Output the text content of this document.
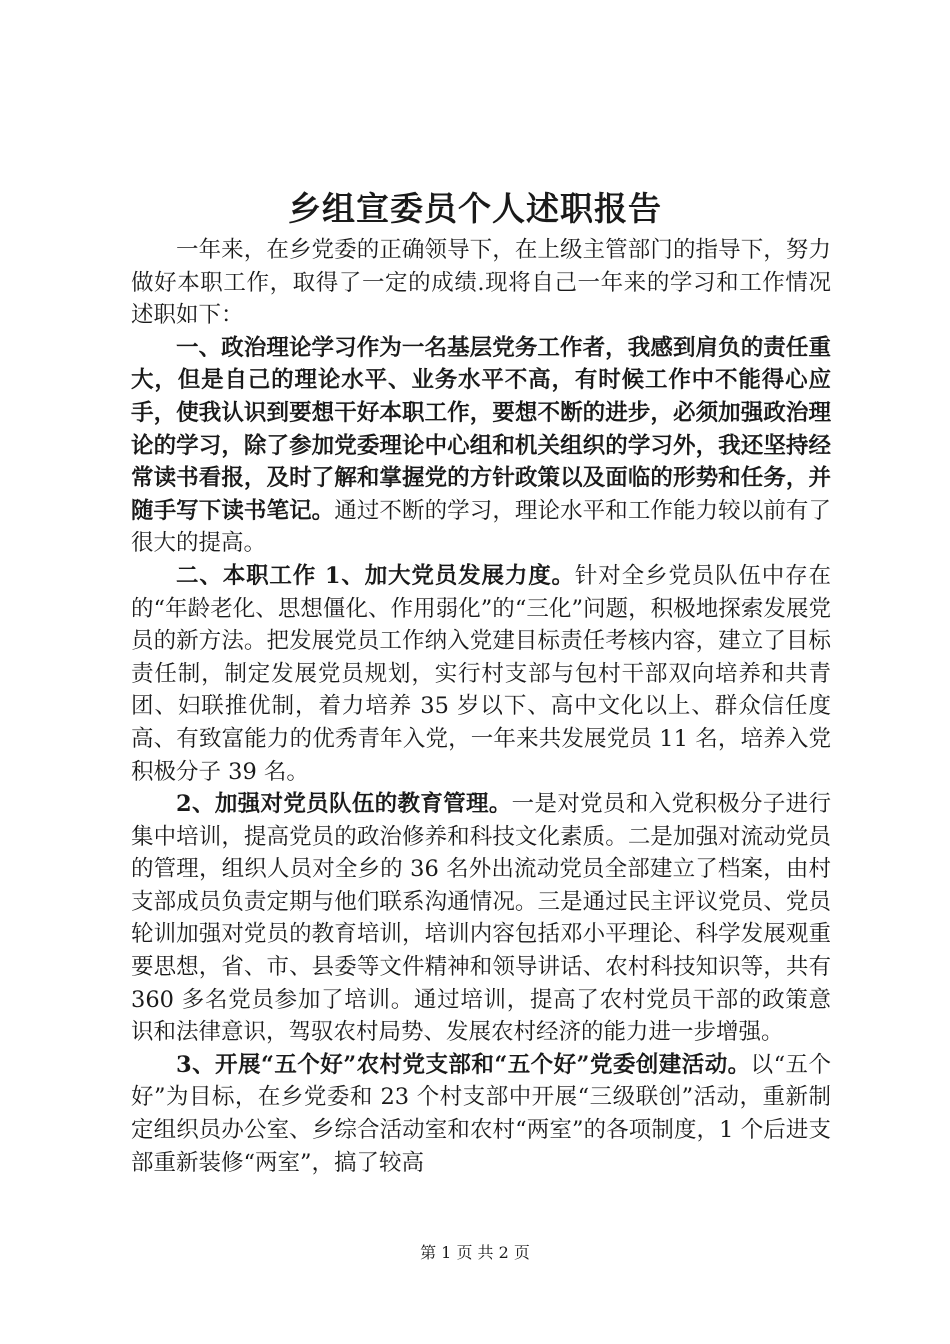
乡组宣委员个人述职报告

一年来，在乡党委的正确领导下，在上级主管部门的指导下，努力做好本职工作，取得了一定的成绩.现将自己一年来的学习和工作情况述职如下：

一、政治理论学习作为一名基层党务工作者，我感到肩负的责任重大，但是自己的理论水平、业务水平不高，有时候工作中不能得心应手，使我认识到要想干好本职工作，要想不断的进步，必须加强政治理论的学习，除了参加党委理论中心组和机关组织的学习外，我还坚持经常读书看报，及时了解和掌握党的方针政策以及面临的形势和任务，并随手写下读书笔记。通过不断的学习，理论水平和工作能力较以前有了很大的提高。

二、本职工作 1、加大党员发展力度。针对全乡党员队伍中存在的“年龄老化、思想僵化、作用弱化”的“三化”问题，积极地探索发展党员的新方法。把发展党员工作纳入党建目标责任考核内容，建立了目标责任制，制定发展党员规划，实行村支部与包村干部双向培养和共青团、妇联推优制，着力培养 35 岁以下、高中文化以上、群众信任度高、有致富能力的优秀青年入党，一年来共发展党员 11 名，培养入党积极分子 39 名。

2、加强对党员队伍的教育管理。一是对党员和入党积极分子进行集中培训，提高党员的政治修养和科技文化素质。二是加强对流动党员的管理，组织人员对全乡的 36 名外出流动党员全部建立了档案，由村支部成员负责定期与他们联系沟通情况。三是通过民主评议党员、党员轮训加强对党员的教育培训，培训内容包括邓小平理论、科学发展观重要思想，省、市、县委等文件精神和领导讲话、农村科技知识等，共有 360 多名党员参加了培训。通过培训，提高了农村党员干部的政策意识和法律意识，驾驭农村局势、发展农村经济的能力进一步增强。

3、开展“五个好”农村党支部和“五个好”党委创建活动。以“五个好”为目标，在乡党委和 23 个村支部中开展“三级联创”活动，重新制定组织员办公室、乡综合活动室和农村“两室”的各项制度，1 个后进支部重新装修“两室”，搞了较高

第 1 页 共 2 页
